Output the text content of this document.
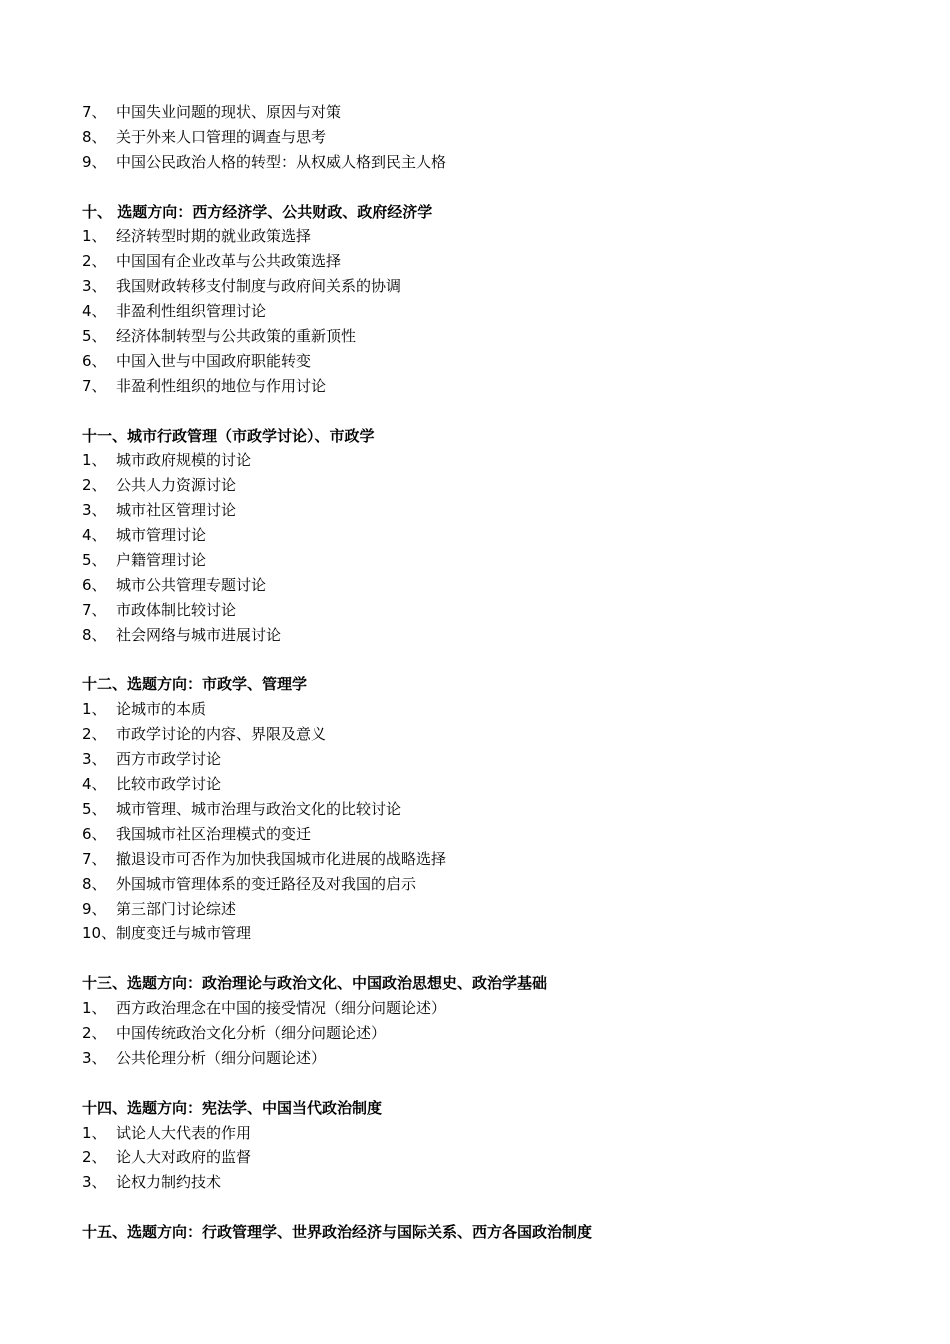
7、 中国失业问题的现状、原因与对策
8、 关于外来人口管理的调查与思考
9、 中国公民政治人格的转型：从权威人格到民主人格
十、 选题方向：西方经济学、公共财政、政府经济学
1、 经济转型时期的就业政策选择
2、 中国国有企业改革与公共政策选择
3、 我国财政转移支付制度与政府间关系的协调
4、 非盈利性组织管理讨论
5、 经济体制转型与公共政策的重新顶性
6、 中国入世与中国政府职能转变
7、 非盈利性组织的地位与作用讨论
十一、城市行政管理（市政学讨论）、市政学
1、 城市政府规模的讨论
2、 公共人力资源讨论
3、 城市社区管理讨论
4、 城市管理讨论
5、 户籍管理讨论
6、 城市公共管理专题讨论
7、 市政体制比较讨论
8、 社会网络与城市进展讨论
十二、选题方向：市政学、管理学
1、 论城市的本质
2、 市政学讨论的内容、界限及意义
3、 西方市政学讨论
4、 比较市政学讨论
5、 城市管理、城市治理与政治文化的比较讨论
6、 我国城市社区治理模式的变迁
7、 撤退设市可否作为加快我国城市化进展的战略选择
8、 外国城市管理体系的变迁路径及对我国的启示
9、 第三部门讨论综述
10、制度变迁与城市管理
十三、选题方向：政治理论与政治文化、中国政治思想史、政治学基础
1、 西方政治理念在中国的接受情况（细分问题论述）
2、 中国传统政治文化分析（细分问题论述）
3、 公共伦理分析（细分问题论述）
十四、选题方向：宪法学、中国当代政治制度
1、 试论人大代表的作用
2、 论人大对政府的监督
3、 论权力制约技术
十五、选题方向：行政管理学、世界政治经济与国际关系、西方各国政治制度
